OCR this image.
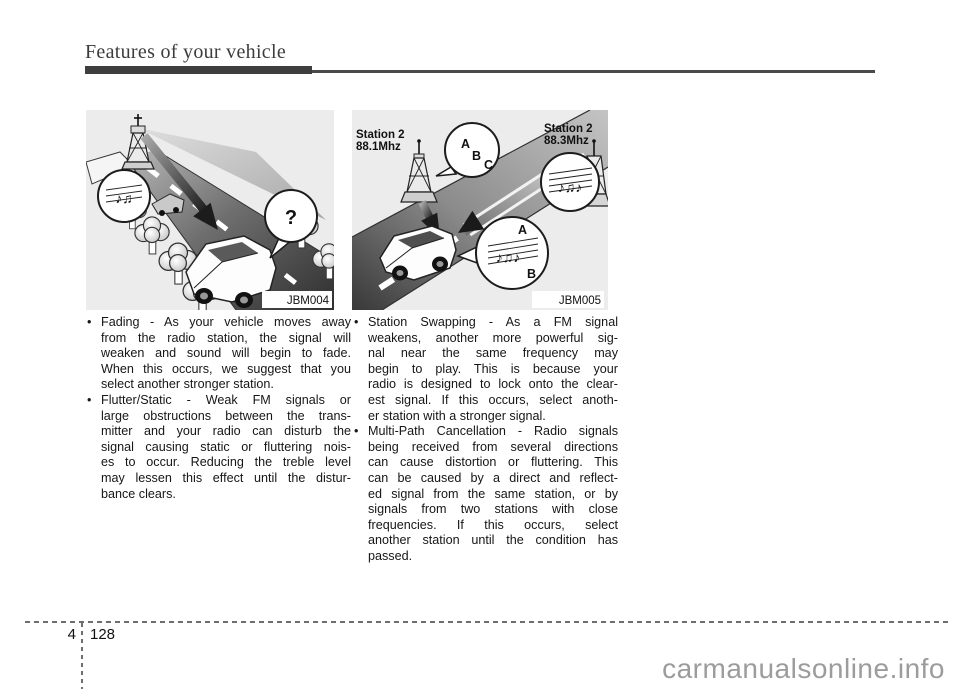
Features of your vehicle
♪♫
?
JBM004
Station 2
88.1Mhz
Station 2
88.3Mhz
A
B
C
♪♫♪
A
B
♪♫♪
JBM005
• Fading - As your vehicle moves away
from the radio station, the signal will
weaken and sound will begin to fade.
When this occurs, we suggest that you
select another stronger station.
• Flutter/Static - Weak FM signals or
large obstructions between the trans-
mitter and your radio can disturb the
signal causing static or fluttering nois-
es to occur. Reducing the treble level
may lessen this effect until the distur-
bance clears.
• Station Swapping - As a FM signal
weakens, another more powerful sig-
nal near the same frequency may
begin to play. This is because your
radio is designed to lock onto the clear-
est signal. If this occurs, select anoth-
er station with a stronger signal.
• Multi-Path Cancellation - Radio signals
being received from several directions
can cause distortion or fluttering. This
can be caused by a direct and reflect-
ed signal from the same station, or by
signals from two stations with close
frequencies. If this occurs, select
another station until the condition has
passed.
4 128
carmanualsonline.info
